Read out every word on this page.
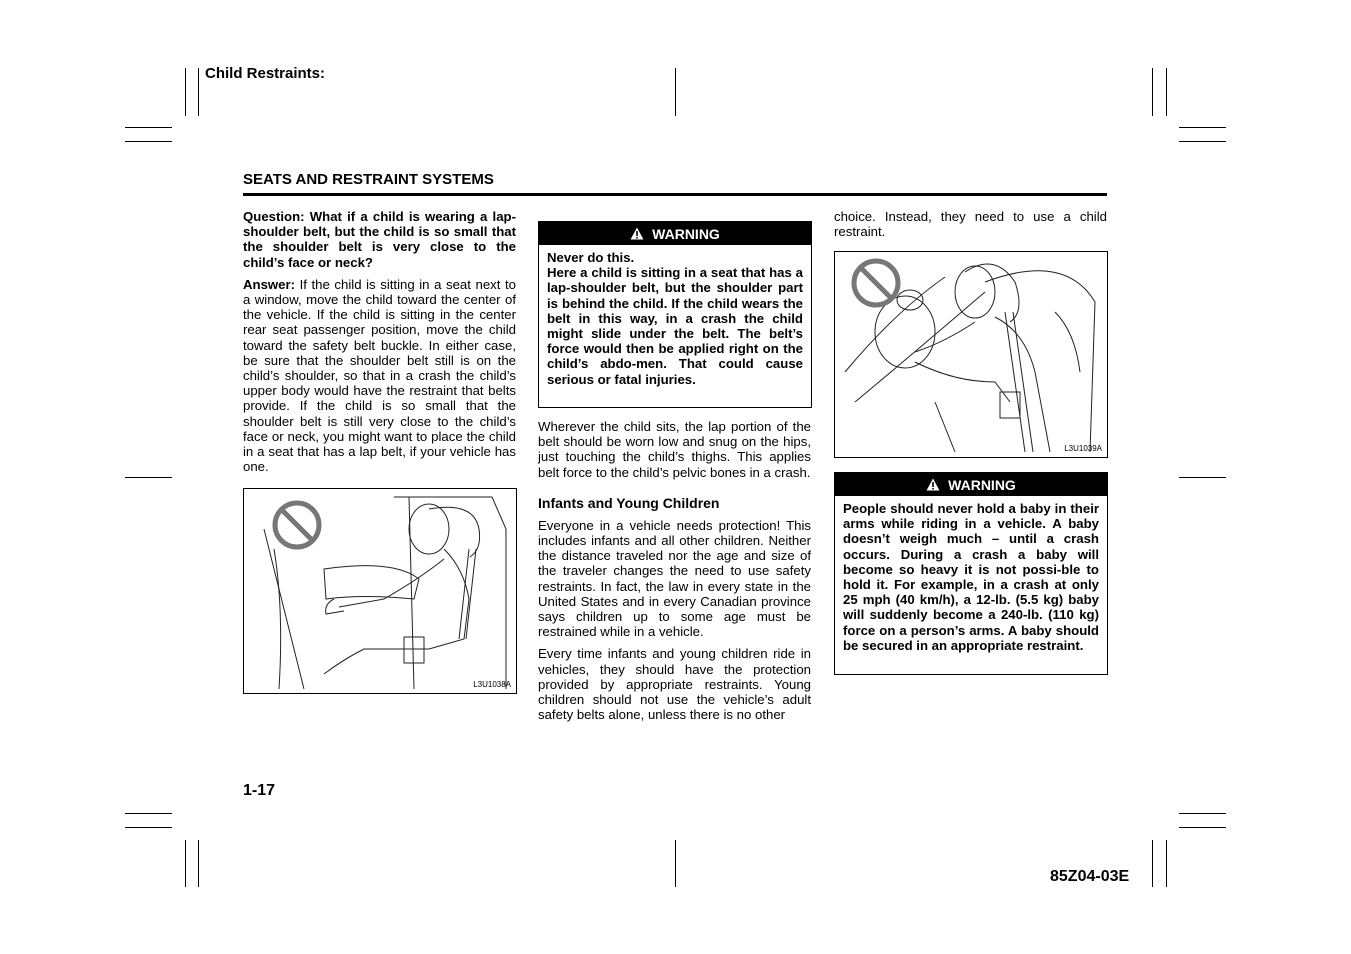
Child Restraints:
SEATS AND RESTRAINT SYSTEMS

Question: What if a child is wearing a lap-shoulder belt, but the child is so small that the shoulder belt is very close to the child’s face or neck?

Answer: If the child is sitting in a seat next to a window, move the child toward the center of the vehicle. If the child is sitting in the center rear seat passenger position, move the child toward the safety belt buckle. In either case, be sure that the shoulder belt still is on the child’s shoulder, so that in a crash the child’s upper body would have the restraint that belts provide. If the child is so small that the shoulder belt is still very close to the child’s face or neck, you might want to place the child in a seat that has a lap belt, if your vehicle has one.

L3U1038A
WARNING

Never do this.

Here a child is sitting in a seat that has a lap-shoulder belt, but the shoulder part is behind the child. If the child wears the belt in this way, in a crash the child might slide under the belt. The belt’s force would then be applied right on the child’s abdo-men. That could cause serious or fatal injuries.

Wherever the child sits, the lap portion of the belt should be worn low and snug on the hips, just touching the child’s thighs. This applies belt force to the child’s pelvic bones in a crash.

Infants and Young Children

Everyone in a vehicle needs protection! This includes infants and all other children. Neither the distance traveled nor the age and size of the traveler changes the need to use safety restraints. In fact, the law in every state in the United States and in every Canadian province says children up to some age must be restrained while in a vehicle.

Every time infants and young children ride in vehicles, they should have the protection provided by appropriate restraints. Young children should not use the vehicle’s adult safety belts alone, unless there is no other

choice. Instead, they need to use a child restraint.

L3U1039A
WARNING

People should never hold a baby in their arms while riding in a vehicle. A baby doesn’t weigh much – until a crash occurs. During a crash a baby will become so heavy it is not possi-ble to hold it. For example, in a crash at only 25 mph (40 km/h), a 12-lb. (5.5 kg) baby will suddenly become a 240-lb. (110 kg) force on a person’s arms. A baby should be secured in an appropriate restraint.

1-17
85Z04-03E
